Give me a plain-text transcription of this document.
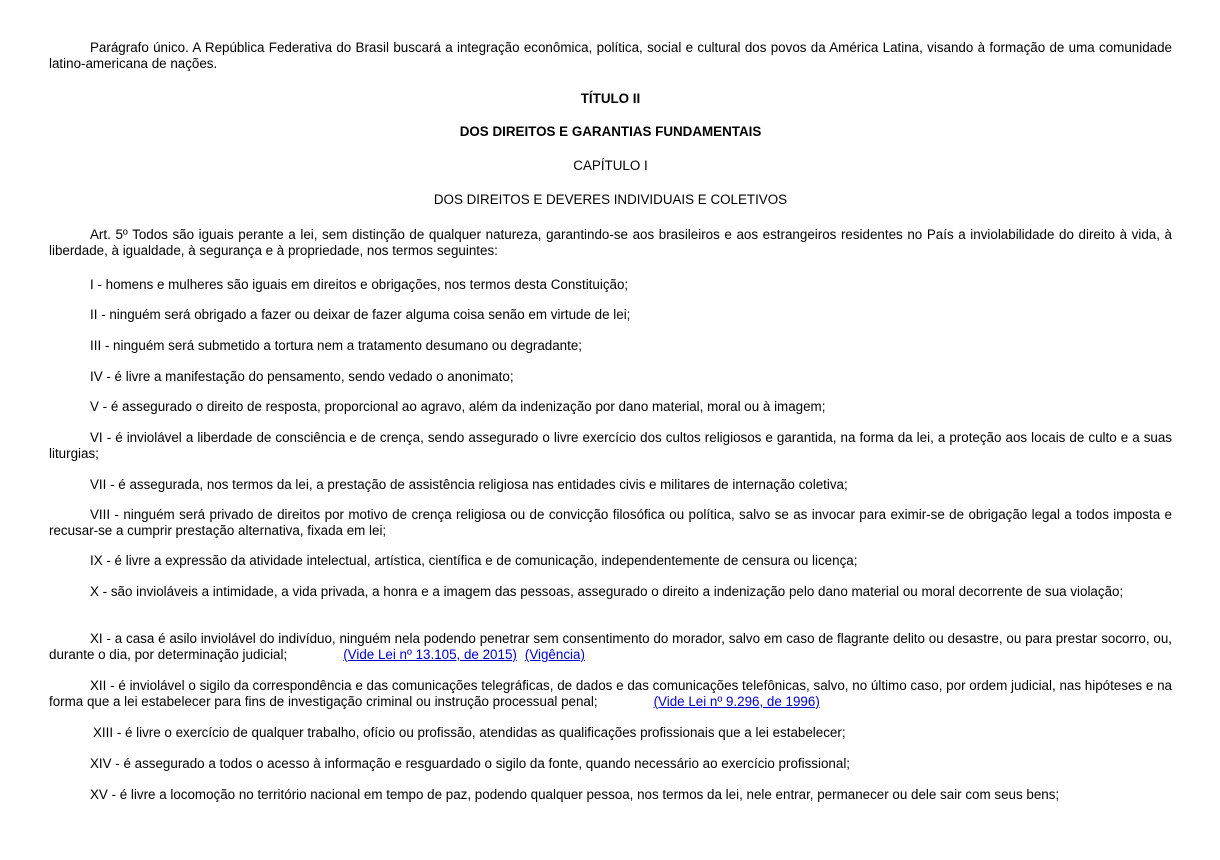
Parágrafo único. A República Federativa do Brasil buscará a integração econômica, política, social e cultural dos povos da América Latina, visando à formação de uma comunidade latino-americana de nações.

TÍTULO II

DOS DIREITOS E GARANTIAS FUNDAMENTAIS

CAPÍTULO I

DOS DIREITOS E DEVERES INDIVIDUAIS E COLETIVOS

Art. 5º Todos são iguais perante a lei, sem distinção de qualquer natureza, garantindo-se aos brasileiros e aos estrangeiros residentes no País a inviolabilidade do direito à vida, à liberdade, à igualdade, à segurança e à propriedade, nos termos seguintes:

I - homens e mulheres são iguais em direitos e obrigações, nos termos desta Constituição;

II - ninguém será obrigado a fazer ou deixar de fazer alguma coisa senão em virtude de lei;

III - ninguém será submetido a tortura nem a tratamento desumano ou degradante;

IV - é livre a manifestação do pensamento, sendo vedado o anonimato;

V - é assegurado o direito de resposta, proporcional ao agravo, além da indenização por dano material, moral ou à imagem;

VI - é inviolável a liberdade de consciência e de crença, sendo assegurado o livre exercício dos cultos religiosos e garantida, na forma da lei, a proteção aos locais de culto e a suas liturgias;

VII - é assegurada, nos termos da lei, a prestação de assistência religiosa nas entidades civis e militares de internação coletiva;

VIII - ninguém será privado de direitos por motivo de crença religiosa ou de convicção filosófica ou política, salvo se as invocar para eximir-se de obrigação legal a todos imposta e recusar-se a cumprir prestação alternativa, fixada em lei;

IX - é livre a expressão da atividade intelectual, artística, científica e de comunicação, independentemente de censura ou licença;

X - são invioláveis a intimidade, a vida privada, a honra e a imagem das pessoas, assegurado o direito a indenização pelo dano material ou moral decorrente de sua violação;

XI - a casa é asilo inviolável do indivíduo, ninguém nela podendo penetrar sem consentimento do morador, salvo em caso de flagrante delito ou desastre, ou para prestar socorro, ou, durante o dia, por determinação judicial;	(Vide Lei nº 13.105, de 2015) (Vigência)

XII - é inviolável o sigilo da correspondência e das comunicações telegráficas, de dados e das comunicações telefônicas, salvo, no último caso, por ordem judicial, nas hipóteses e na forma que a lei estabelecer para fins de investigação criminal ou instrução processual penal;	(Vide Lei nº 9.296, de 1996)

XIII - é livre o exercício de qualquer trabalho, ofício ou profissão, atendidas as qualificações profissionais que a lei estabelecer;

XIV - é assegurado a todos o acesso à informação e resguardado o sigilo da fonte, quando necessário ao exercício profissional;

XV - é livre a locomoção no território nacional em tempo de paz, podendo qualquer pessoa, nos termos da lei, nele entrar, permanecer ou dele sair com seus bens;
